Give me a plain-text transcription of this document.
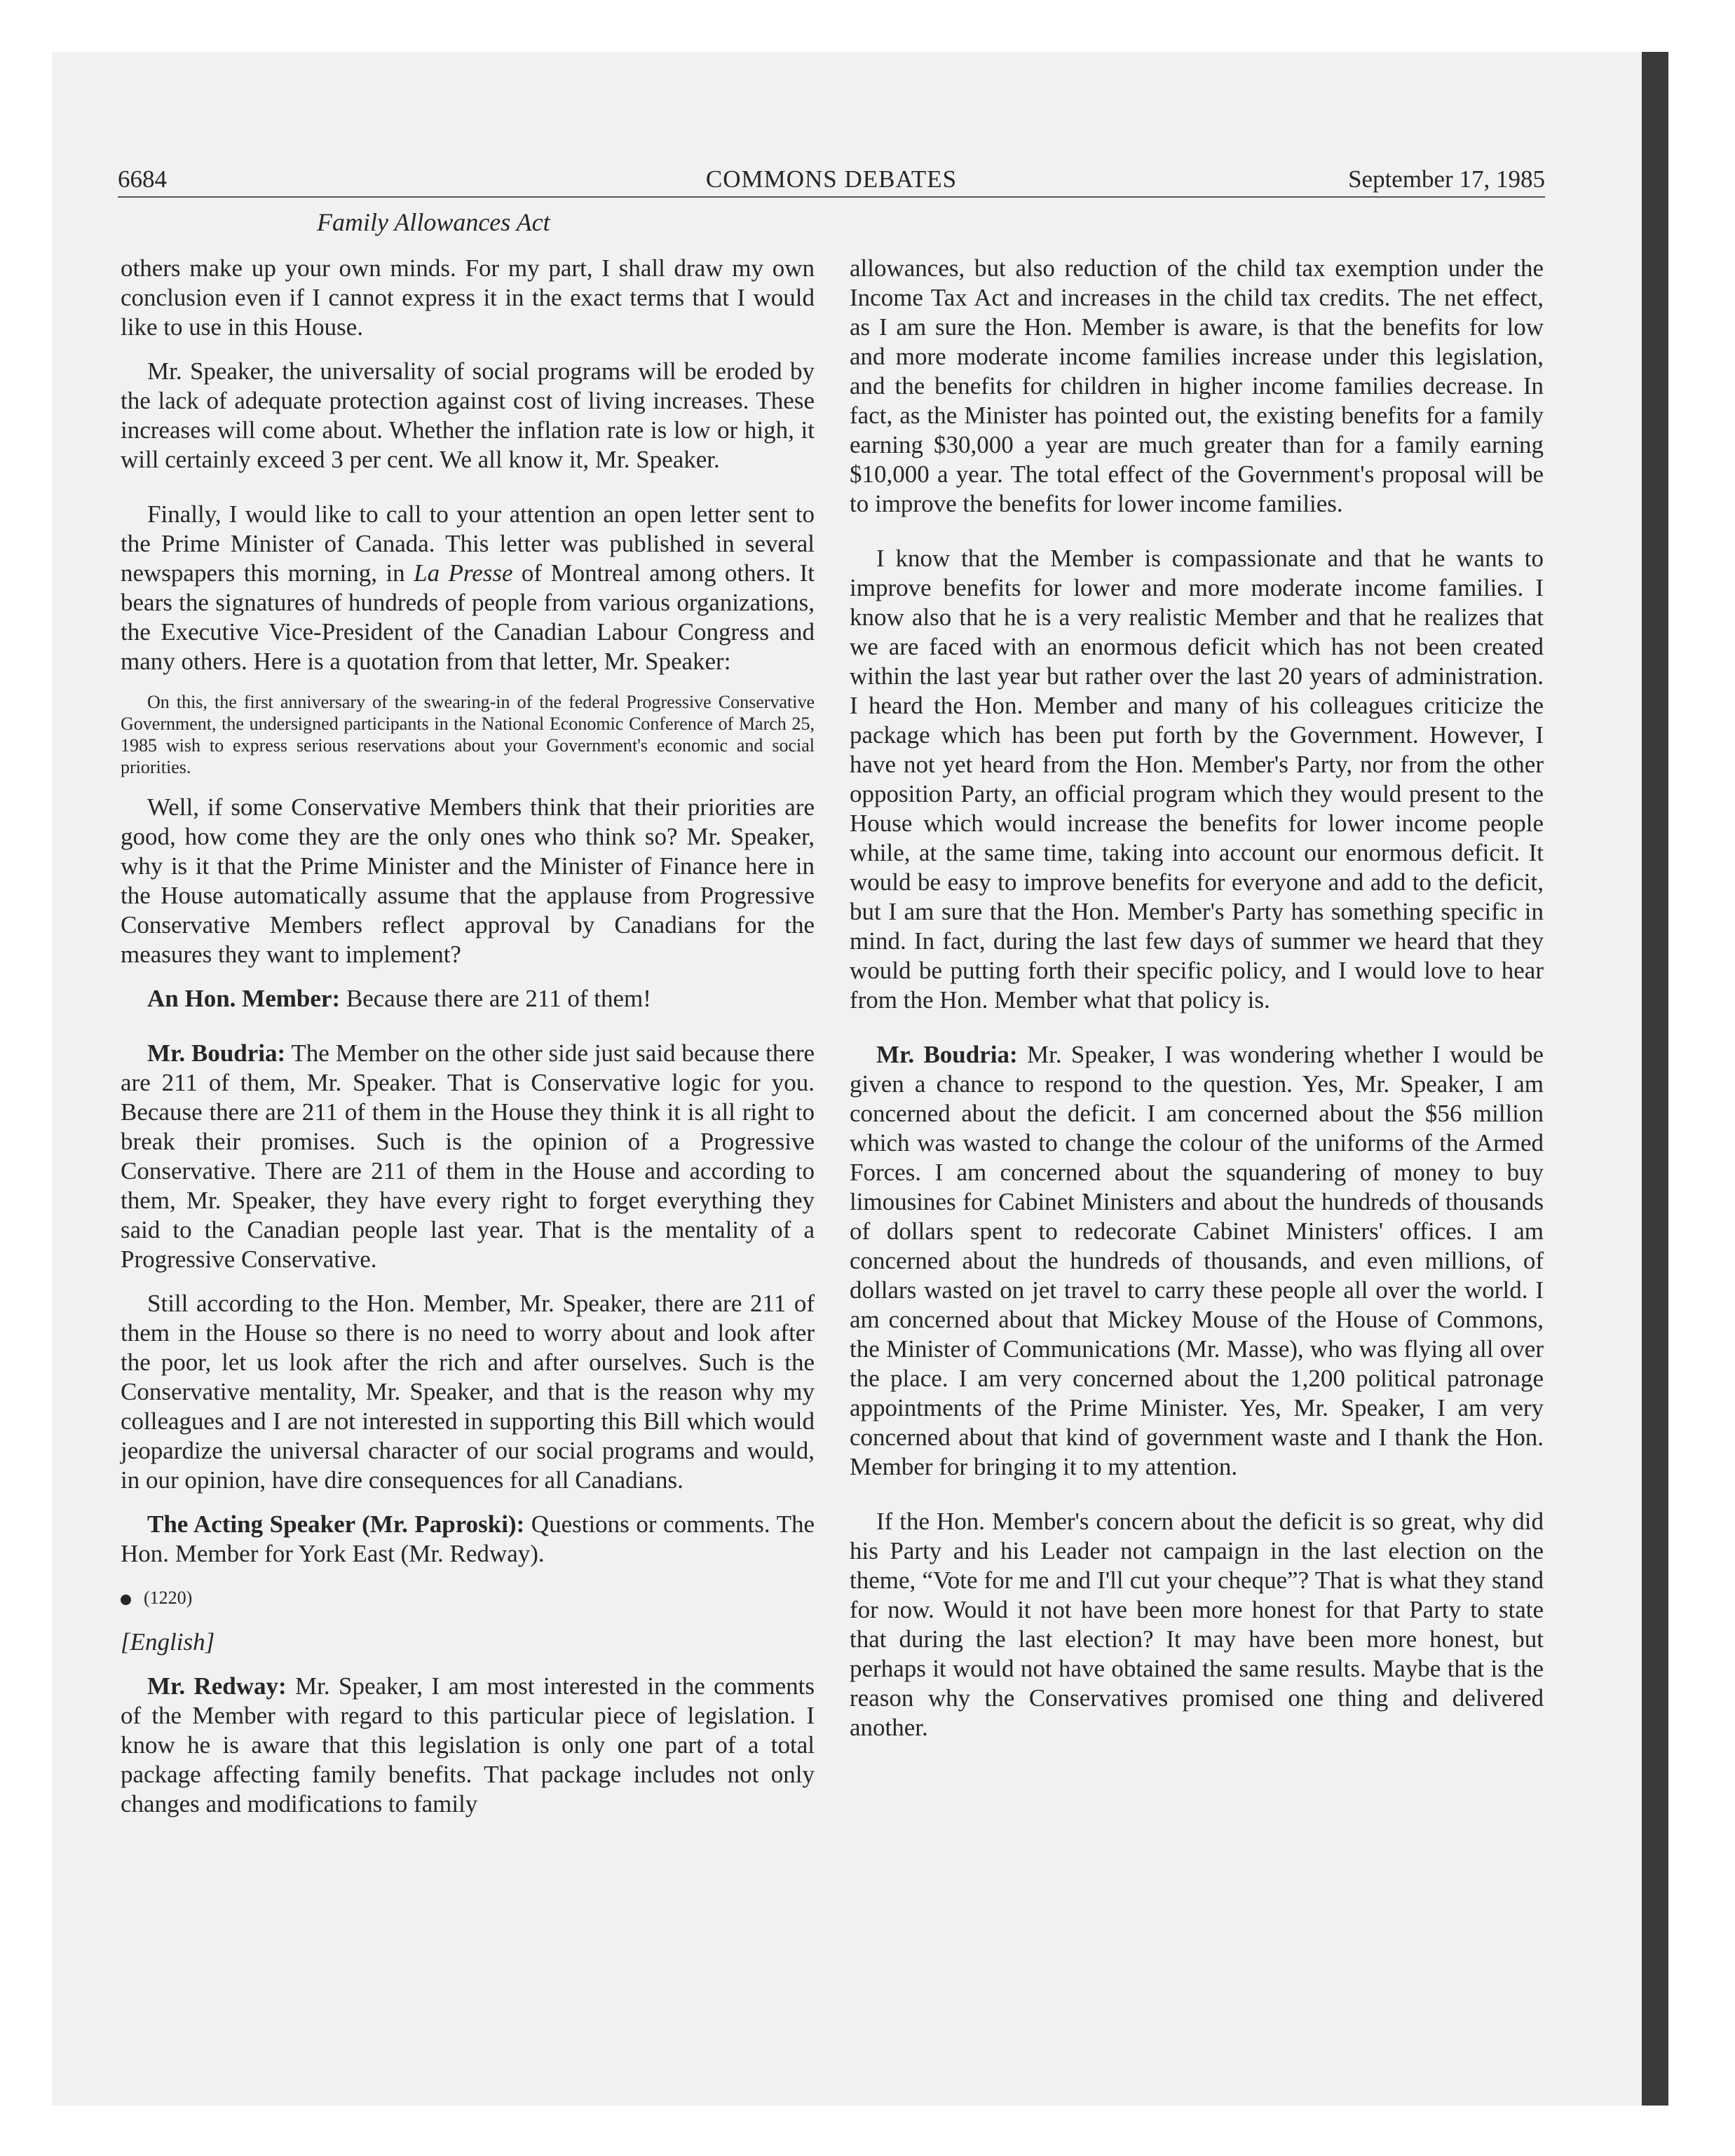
6684	COMMONS DEBATES	September 17, 1985
Family Allowances Act

others make up your own minds. For my part, I shall draw my own conclusion even if I cannot express it in the exact terms that I would like to use in this House.

Mr. Speaker, the universality of social programs will be eroded by the lack of adequate protection against cost of living increases. These increases will come about. Whether the inflation rate is low or high, it will certainly exceed 3 per cent. We all know it, Mr. Speaker.

Finally, I would like to call to your attention an open letter sent to the Prime Minister of Canada. This letter was published in several newspapers this morning, in La Presse of Montreal among others. It bears the signatures of hundreds of people from various organizations, the Executive Vice-President of the Canadian Labour Congress and many others. Here is a quotation from that letter, Mr. Speaker:

On this, the first anniversary of the swearing-in of the federal Progressive Conservative Government, the undersigned participants in the National Economic Conference of March 25, 1985 wish to express serious reservations about your Government's economic and social priorities.

Well, if some Conservative Members think that their priorities are good, how come they are the only ones who think so? Mr. Speaker, why is it that the Prime Minister and the Minister of Finance here in the House automatically assume that the applause from Progressive Conservative Members reflect approval by Canadians for the measures they want to implement?

An Hon. Member: Because there are 211 of them!

Mr. Boudria: The Member on the other side just said because there are 211 of them, Mr. Speaker. That is Conservative logic for you. Because there are 211 of them in the House they think it is all right to break their promises. Such is the opinion of a Progressive Conservative. There are 211 of them in the House and according to them, Mr. Speaker, they have every right to forget everything they said to the Canadian people last year. That is the mentality of a Progressive Conservative.

Still according to the Hon. Member, Mr. Speaker, there are 211 of them in the House so there is no need to worry about and look after the poor, let us look after the rich and after ourselves. Such is the Conservative mentality, Mr. Speaker, and that is the reason why my colleagues and I are not interested in supporting this Bill which would jeopardize the universal character of our social programs and would, in our opinion, have dire consequences for all Canadians.

The Acting Speaker (Mr. Paproski): Questions or comments. The Hon. Member for York East (Mr. Redway).

(1220)

[English]

Mr. Redway: Mr. Speaker, I am most interested in the comments of the Member with regard to this particular piece of legislation. I know he is aware that this legislation is only one part of a total package affecting family benefits. That package includes not only changes and modifications to family

allowances, but also reduction of the child tax exemption under the Income Tax Act and increases in the child tax credits. The net effect, as I am sure the Hon. Member is aware, is that the benefits for low and more moderate income families increase under this legislation, and the benefits for children in higher income families decrease. In fact, as the Minister has pointed out, the existing benefits for a family earning $30,000 a year are much greater than for a family earning $10,000 a year. The total effect of the Government's proposal will be to improve the benefits for lower income families.

I know that the Member is compassionate and that he wants to improve benefits for lower and more moderate income families. I know also that he is a very realistic Member and that he realizes that we are faced with an enormous deficit which has not been created within the last year but rather over the last 20 years of administration. I heard the Hon. Member and many of his colleagues criticize the package which has been put forth by the Government. However, I have not yet heard from the Hon. Member's Party, nor from the other opposition Party, an official program which they would present to the House which would increase the benefits for lower income people while, at the same time, taking into account our enormous deficit. It would be easy to improve benefits for everyone and add to the deficit, but I am sure that the Hon. Member's Party has something specific in mind. In fact, during the last few days of summer we heard that they would be putting forth their specific policy, and I would love to hear from the Hon. Member what that policy is.

Mr. Boudria: Mr. Speaker, I was wondering whether I would be given a chance to respond to the question. Yes, Mr. Speaker, I am concerned about the deficit. I am concerned about the $56 million which was wasted to change the colour of the uniforms of the Armed Forces. I am concerned about the squandering of money to buy limousines for Cabinet Ministers and about the hundreds of thousands of dollars spent to redecorate Cabinet Ministers' offices. I am concerned about the hundreds of thousands, and even millions, of dollars wasted on jet travel to carry these people all over the world. I am concerned about that Mickey Mouse of the House of Commons, the Minister of Communications (Mr. Masse), who was flying all over the place. I am very concerned about the 1,200 political patronage appointments of the Prime Minister. Yes, Mr. Speaker, I am very concerned about that kind of government waste and I thank the Hon. Member for bringing it to my attention.

If the Hon. Member's concern about the deficit is so great, why did his Party and his Leader not campaign in the last election on the theme, “Vote for me and I'll cut your cheque”? That is what they stand for now. Would it not have been more honest for that Party to state that during the last election? It may have been more honest, but perhaps it would not have obtained the same results. Maybe that is the reason why the Conservatives promised one thing and delivered another.
